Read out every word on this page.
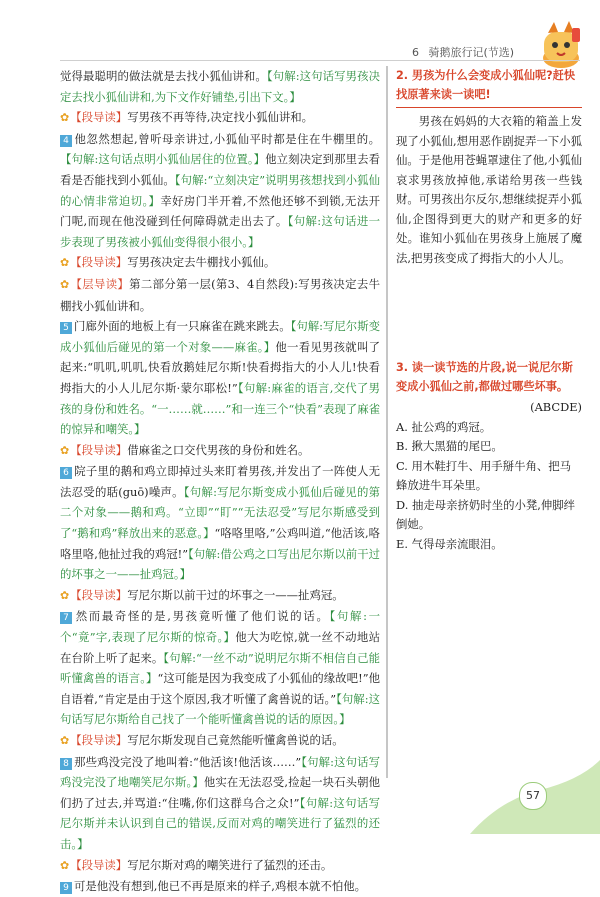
6 骑鹅旅行记(节选)

觉得最聪明的做法就是去找小狐仙讲和。【句解:这句话写男孩决定去找小狐仙讲和,为下文作好铺垫,引出下文。】

✿【段导读】写男孩不再等待,决定找小狐仙讲和。

4 他忽然想起,曾听母亲讲过,小狐仙平时都是住在牛棚里的。【句解:这句话点明小狐仙居住的位置。】他立刻决定到那里去看看是否能找到小狐仙。【句解:“立刻决定”说明男孩想找到小狐仙的心情非常迫切。】幸好房门半开着,不然他还够不到锁,无法开门呢,而现在他没碰到任何障碍就走出去了。【句解:这句话进一步表现了男孩被小狐仙变得很小很小。】

✿【段导读】写男孩决定去牛棚找小狐仙。

✿【层导读】第二部分第一层(第3、4自然段):写男孩决定去牛棚找小狐仙讲和。

5 门廊外面的地板上有一只麻雀在跳来跳去。【句解:写尼尔斯变成小狐仙后碰见的第一个对象——麻雀。】他一看见男孩就叫了起来:“叽叽,叽叽,快看放鹅娃尼尔斯!快看拇指大的小人儿!快看拇指大的小人儿尼尔斯·蒙尔耶松!”【句解:麻雀的语言,交代了男孩的身份和姓名。“一……就……”和一连三个“快看”表现了麻雀的惊异和嘲笑。】

✿【段导读】借麻雀之口交代男孩的身份和姓名。

6 院子里的鹅和鸡立即掉过头来盯着男孩,并发出了一阵使人无法忍受的聒(guō)噪声。【句解:写尼尔斯变成小狐仙后碰见的第二个对象——鹅和鸡。“立即”“盯”“无法忍受”写尼尔斯感受到了“鹅和鸡”释放出来的恶意。】“咯咯里咯,”公鸡叫道,“他活该,咯咯里咯,他扯过我的鸡冠!”【句解:借公鸡之口写出尼尔斯以前干过的坏事之一——扯鸡冠。】

✿【段导读】写尼尔斯以前干过的坏事之一——扯鸡冠。

7 然而最奇怪的是,男孩竟听懂了他们说的话。【句解:一个“竟”字,表现了尼尔斯的惊奇。】他大为吃惊,就一丝不动地站在台阶上听了起来。【句解:“一丝不动”说明尼尔斯不相信自己能听懂禽兽的语言。】“这可能是因为我变成了小狐仙的缘故吧!”他自语着,“肯定是由于这个原因,我才听懂了禽兽说的话。”【句解:这句话写尼尔斯给自己找了一个能听懂禽兽说的话的原因。】

✿【段导读】写尼尔斯发现自己竟然能听懂禽兽说的话。

8 那些鸡没完没了地叫着:“他活该!他活该……”【句解:这句话写鸡没完没了地嘲笑尼尔斯。】他实在无法忍受,捡起一块石头朝他们扔了过去,并骂道:“住嘴,你们这群乌合之众!”【句解:这句话写尼尔斯并未认识到自己的错误,反而对鸡的嘲笑进行了猛烈的还击。】

✿【段导读】写尼尔斯对鸡的嘲笑进行了猛烈的还击。

9 可是他没有想到,他已不再是原来的样子,鸡根本就不怕他。

2. 男孩为什么会变成小狐仙呢?赶快找原著来读一读吧!
男孩在妈妈的大衣箱的箱盖上发现了小狐仙,想用恶作剧捉弄一下小狐仙。于是他用苍蝇罩逮住了他,小狐仙哀求男孩放掉他,承诺给男孩一些钱财。可男孩出尔反尔,想继续捉弄小狐仙,企图得到更大的财产和更多的好处。谁知小狐仙在男孩身上施展了魔法,把男孩变成了拇指大的小人儿。
3. 读一读节选的片段,说一说尼尔斯变成小狐仙之前,都做过哪些坏事。
(ABCDE)
A. 扯公鸡的鸡冠。
B. 揪大黑猫的尾巴。
C. 用木鞋打牛、用手掰牛角、把马蜂放进牛耳朵里。
D. 抽走母亲挤奶时坐的小凳,伸脚绊倒她。
E. 气得母亲流眼泪。
57
